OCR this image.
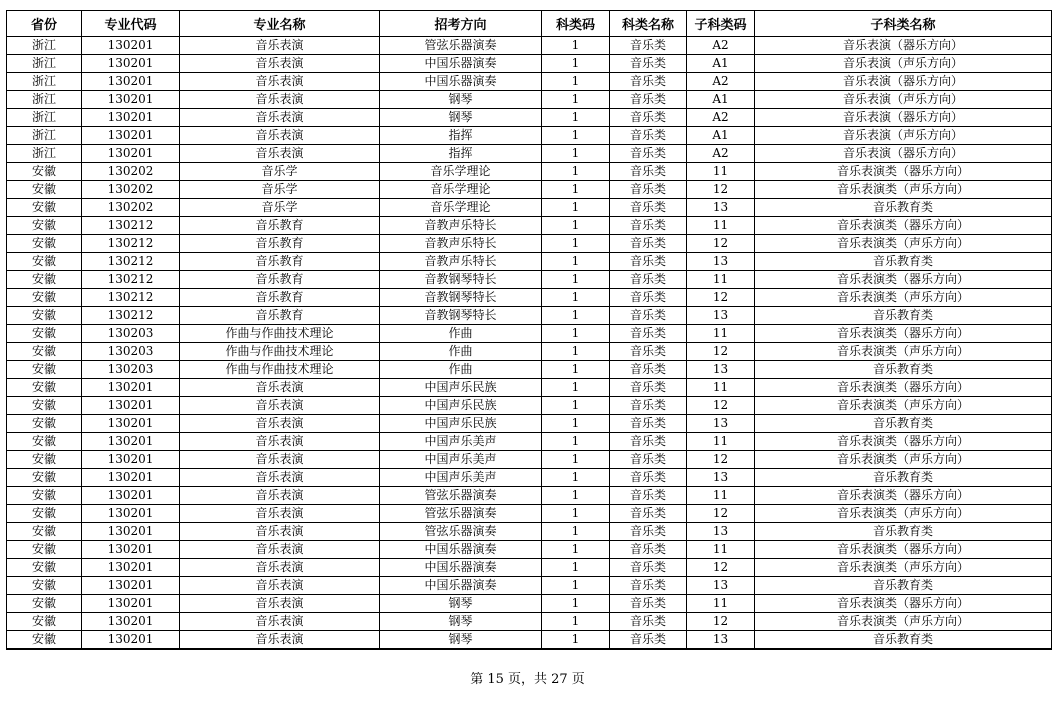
省份	专业代码	专业名称	招考方向	科类码	科类名称	子科类码	子科类名称
浙江	130201	音乐表演	管弦乐器演奏	1	音乐类	A2	音乐表演（器乐方向）
浙江	130201	音乐表演	中国乐器演奏	1	音乐类	A1	音乐表演（声乐方向）
浙江	130201	音乐表演	中国乐器演奏	1	音乐类	A2	音乐表演（器乐方向）
浙江	130201	音乐表演	钢琴	1	音乐类	A1	音乐表演（声乐方向）
浙江	130201	音乐表演	钢琴	1	音乐类	A2	音乐表演（器乐方向）
浙江	130201	音乐表演	指挥	1	音乐类	A1	音乐表演（声乐方向）
浙江	130201	音乐表演	指挥	1	音乐类	A2	音乐表演（器乐方向）
安徽	130202	音乐学	音乐学理论	1	音乐类	11	音乐表演类（器乐方向）
安徽	130202	音乐学	音乐学理论	1	音乐类	12	音乐表演类（声乐方向）
安徽	130202	音乐学	音乐学理论	1	音乐类	13	音乐教育类
安徽	130212	音乐教育	音教声乐特长	1	音乐类	11	音乐表演类（器乐方向）
安徽	130212	音乐教育	音教声乐特长	1	音乐类	12	音乐表演类（声乐方向）
安徽	130212	音乐教育	音教声乐特长	1	音乐类	13	音乐教育类
安徽	130212	音乐教育	音教钢琴特长	1	音乐类	11	音乐表演类（器乐方向）
安徽	130212	音乐教育	音教钢琴特长	1	音乐类	12	音乐表演类（声乐方向）
安徽	130212	音乐教育	音教钢琴特长	1	音乐类	13	音乐教育类
安徽	130203	作曲与作曲技术理论	作曲	1	音乐类	11	音乐表演类（器乐方向）
安徽	130203	作曲与作曲技术理论	作曲	1	音乐类	12	音乐表演类（声乐方向）
安徽	130203	作曲与作曲技术理论	作曲	1	音乐类	13	音乐教育类
安徽	130201	音乐表演	中国声乐民族	1	音乐类	11	音乐表演类（器乐方向）
安徽	130201	音乐表演	中国声乐民族	1	音乐类	12	音乐表演类（声乐方向）
安徽	130201	音乐表演	中国声乐民族	1	音乐类	13	音乐教育类
安徽	130201	音乐表演	中国声乐美声	1	音乐类	11	音乐表演类（器乐方向）
安徽	130201	音乐表演	中国声乐美声	1	音乐类	12	音乐表演类（声乐方向）
安徽	130201	音乐表演	中国声乐美声	1	音乐类	13	音乐教育类
安徽	130201	音乐表演	管弦乐器演奏	1	音乐类	11	音乐表演类（器乐方向）
安徽	130201	音乐表演	管弦乐器演奏	1	音乐类	12	音乐表演类（声乐方向）
安徽	130201	音乐表演	管弦乐器演奏	1	音乐类	13	音乐教育类
安徽	130201	音乐表演	中国乐器演奏	1	音乐类	11	音乐表演类（器乐方向）
安徽	130201	音乐表演	中国乐器演奏	1	音乐类	12	音乐表演类（声乐方向）
安徽	130201	音乐表演	中国乐器演奏	1	音乐类	13	音乐教育类
安徽	130201	音乐表演	钢琴	1	音乐类	11	音乐表演类（器乐方向）
安徽	130201	音乐表演	钢琴	1	音乐类	12	音乐表演类（声乐方向）
安徽	130201	音乐表演	钢琴	1	音乐类	13	音乐教育类
第 15 页，共 27 页
